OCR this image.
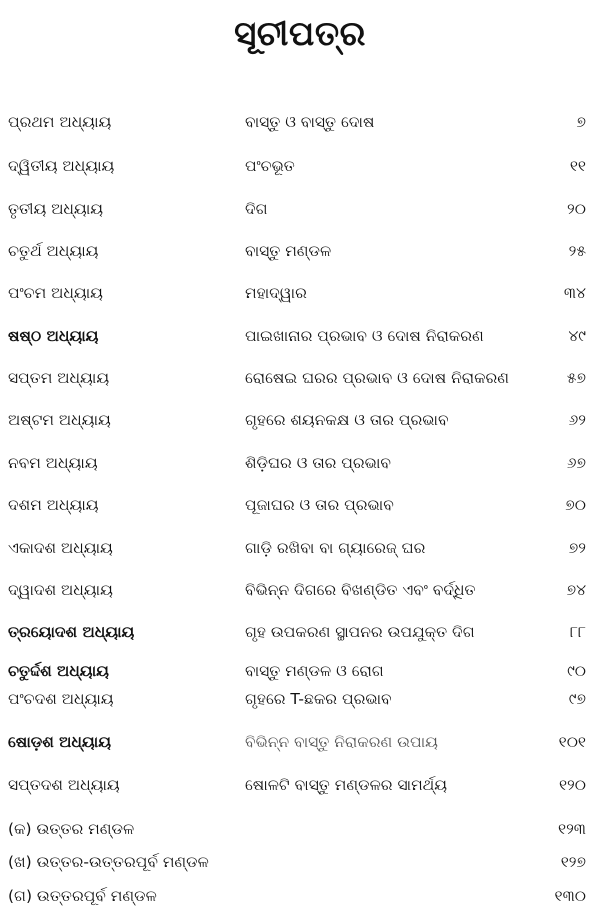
ସୂଚୀପତ୍ର
ପ୍ରଥମ ଅଧ୍ୟାୟ	ବାସ୍ତୁ ଓ ବାସ୍ତୁ ଦୋଷ	୭
ଦ୍ୱିତୀୟ ଅଧ୍ୟାୟ	ପଂଚଭୂତ	୧୧
ତୃତୀୟ ଅଧ୍ୟାୟ	ଦିଗ	୨୦
ଚତୁର୍ଥ ଅଧ୍ୟାୟ	ବାସ୍ତୁ ମଣ୍ଡଳ	୨୫
ପଂଚମ ଅଧ୍ୟାୟ	ମହାଦ୍ୱାର	୩୪
ଷଷ୍ଠ ଅଧ୍ୟାୟ	ପାଇଖାନାର ପ୍ରଭାବ ଓ ଦୋଷ ନିରାକରଣ	୪୯
ସପ୍ତମ ଅଧ୍ୟାୟ	ରୋଷେଇ ଘରର ପ୍ରଭାବ ଓ ଦୋଷ ନିରାକରଣ	୫୭
ଅଷ୍ଟମ ଅଧ୍ୟାୟ	ଗୃହରେ ଶୟନକକ୍ଷ ଓ ତାର ପ୍ରଭାବ	୬୨
ନବମ ଅଧ୍ୟାୟ	ଶିଡ଼ିଘର ଓ ତାର ପ୍ରଭାବ	୬୭
ଦଶମ ଅଧ୍ୟାୟ	ପୂଜାଘର ଓ ତାର ପ୍ରଭାବ	୭୦
ଏକାଦଶ ଅଧ୍ୟାୟ	ଗାଡ଼ି ରଖିବା ବା ଗ୍ୟାରେଜ୍ ଘର	୭୨
ଦ୍ୱାଦଶ ଅଧ୍ୟାୟ	ବିଭିନ୍ନ ଦିଗରେ ବିଖଣ୍ଡିତ ଏବଂ ବର୍ଦ୍ଧିତ	୭୪
ତ୍ରୟୋଦଶ ଅଧ୍ୟାୟ	ଗୃହ ଉପକରଣ ସ୍ଥାପନର ଉପଯୁକ୍ତ ଦିଗ	୮୮
ଚତୁର୍ଦ୍ଦଶ ଅଧ୍ୟାୟ	ବାସ୍ତୁ ମଣ୍ଡଳ ଓ ରୋଗ	୯୦
ପଂଚଦଶ ଅଧ୍ୟାୟ	ଗୃହରେ T-ଛକର ପ୍ରଭାବ	୯୭
ଷୋଡ଼ଶ ଅଧ୍ୟାୟ	ବିଭିନ୍ନ ବାସ୍ତୁ ନିରାକରଣ ଉପାୟ	୧୦୧
ସପ୍ତଦଶ ଅଧ୍ୟାୟ	ଷୋଳଟି ବାସ୍ତୁ ମଣ୍ଡଳର ସାମର୍ଥ୍ୟ	୧୨୦
(କ) ଉତ୍ତର ମଣ୍ଡଳ	୧୨୩
(ଖ) ଉତ୍ତର-ଉତ୍ତରପୂର୍ବ ମଣ୍ଡଳ	୧୨୭
(ଗ) ଉତ୍ତରପୂର୍ବ ମଣ୍ଡଳ	୧୩୦
